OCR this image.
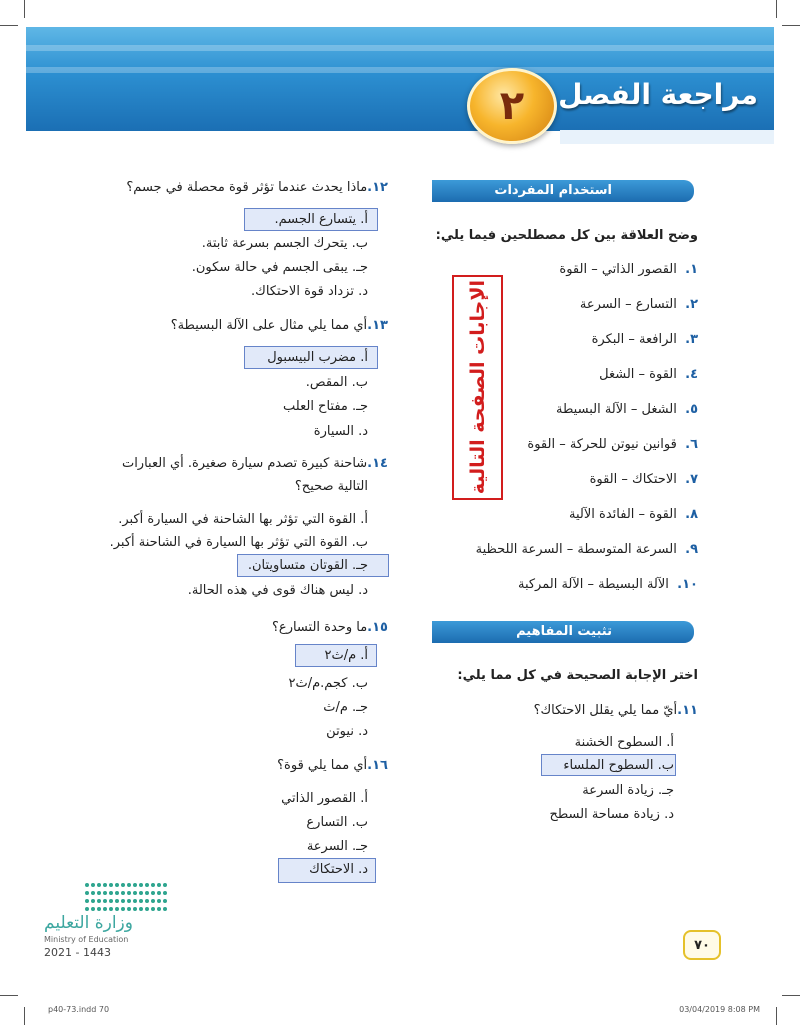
٢	مراجعة الفصل
استخدام المفردات
وضح العلاقة بين كل مصطلحين فيما يلي:
١.  القصور الذاتي – القوة
٢.  التسارع – السرعة
٣.  الرافعة – البكرة
٤.  القوة – الشغل
٥.  الشغل – الآلة البسيطة
٦.  قوانين نيوتن للحركة – القوة
٧.  الاحتكاك – القوة
٨.  القوة – الفائدة الآلية
٩.  السرعة المتوسطة – السرعة اللحظية
١٠.  الآلة البسيطة – الآلة المركبة
الإجابات الصفحة التالية
تثبيت المفاهيم
اختر الإجابة الصحيحة في كل مما يلي:
١١.أيّ مما يلي يقلل الاحتكاك؟
أ. السطوح الخشنة
ب. السطوح الملساء
جـ. زيادة السرعة
د. زيادة مساحة السطح
١٢.ماذا يحدث عندما تؤثر قوة محصلة في جسم؟
أ. يتسارع الجسم.
ب. يتحرك الجسم بسرعة ثابتة.
جـ. يبقى الجسم في حالة سكون.
د. تزداد قوة الاحتكاك.
١٣.أي مما يلي مثال على الآلة البسيطة؟
أ. مضرب البيسبول
ب. المقص.
جـ. مفتاح العلب
د. السيارة
١٤.شاحنة كبيرة تصدم سيارة صغيرة. أي العبارات
التالية صحيح؟
أ. القوة التي تؤثر بها الشاحنة في السيارة أكبر.
ب. القوة التي تؤثر بها السيارة في الشاحنة أكبر.
جـ. القوتان متساويتان.
د. ليس هناك قوى في هذه الحالة.
١٥.ما وحدة التسارع؟
أ. م/ث٢
ب. كجم.م/ث٢
جـ. م/ث
د. نيوتن
١٦.أي مما يلي قوة؟
أ. القصور الذاتي
ب. التسارع
جـ. السرعة
د. الاحتكاك

وزارة التعليم
Ministry of Education
2021 - 1443	٧٠
p40-73.indd 70	03/04/2019 8:08 PM
